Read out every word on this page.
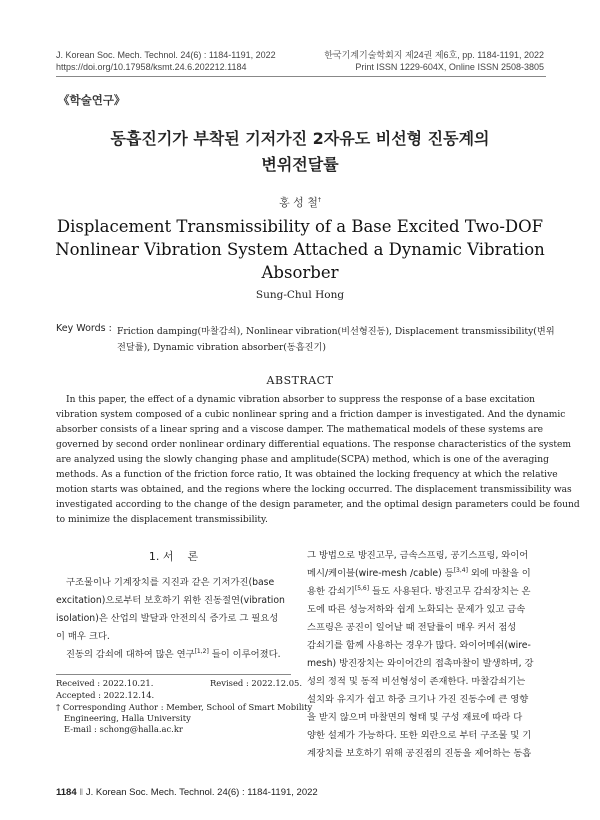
J. Korean Soc. Mech. Technol. 24(6) : 1184-1191, 2022
https://doi.org/10.17958/ksmt.24.6.202212.1184
한국기계기술학회지 제24권 제6호, pp. 1184-1191, 2022
Print ISSN 1229-604X, Online ISSN 2508-3805
《학술연구》
동흡진기가 부착된 기저가진 2자유도 비선형 진동계의
변위전달률
홍 성 철†
Displacement Transmissibility of a Base Excited Two-DOF
Nonlinear Vibration System Attached a Dynamic Vibration
Absorber
Sung-Chul Hong
Key Words : Friction damping(마찰감쇠), Nonlinear vibration(비선형진동), Displacement transmissibility(변위
전달률), Dynamic vibration absorber(동흡진기)
ABSTRACT
In this paper, the effect of a dynamic vibration absorber to suppress the response of a base excitation
vibration system composed of a cubic nonlinear spring and a friction damper is investigated. And the dynamic
absorber consists of a linear spring and a viscose damper. The mathematical models of these systems are
governed by second order nonlinear ordinary differential equations. The response characteristics of the system
are analyzed using the slowly changing phase and amplitude(SCPA) method, which is one of the averaging
methods. As a function of the friction force ratio, It was obtained the locking frequency at which the relative
motion starts was obtained, and the regions where the locking occurred. The displacement transmissibility was
investigated according to the change of the design parameter, and the optimal design parameters could be found
to minimize the displacement transmissibility.
1. 서    론
구조물이나 기계장치를 지진과 같은 기저가진(base
excitation)으로부터 보호하기 위한 진동절연(vibration
isolation)은 산업의 발달과 안전의식 증가로 그 필요성
이 매우 크다.
진동의 감쇠에 대하여 많은 연구[1,2] 들이 이루어졌다.
Received : 2022.10.21.	Revised : 2022.12.05.
Accepted : 2022.12.14.
† Corresponding Author : Member, School of Smart Mobility
Engineering, Halla University
E-mail : schong@halla.ac.kr
그 방법으로 방진고무, 금속스프링, 공기스프링, 와이어
메시/케이블(wire-mesh /cable) 등[3,4] 외에 마찰을 이
용한 감쇠기[5,6] 들도 사용된다. 방진고무 감쇠장치는 온
도에 따른 성능저하와 쉽게 노화되는 문제가 있고 금속
스프링은 공진이 일어날 때 전달률이 매우 커서 점성
감쇠기를 함께 사용하는 경우가 많다. 와이어메쉬(wire-
mesh) 방진장치는 와이어간의 접촉마찰이 발생하며, 강
성의 정적 및 동적 비선형성이 존재한다. 마찰감쇠기는
설치와 유지가 쉽고 하중 크기나 가진 진동수에 큰 영향
을 받지 않으며 마찰면의 형태 및 구성 재료에 따라 다
양한 설계가 가능하다. 또한 외란으로 부터 구조물 및 기
계장치를 보호하기 위해 공진점의 진동을 제어하는 동흡
1184 ‖ J. Korean Soc. Mech. Technol. 24(6) : 1184-1191, 2022
